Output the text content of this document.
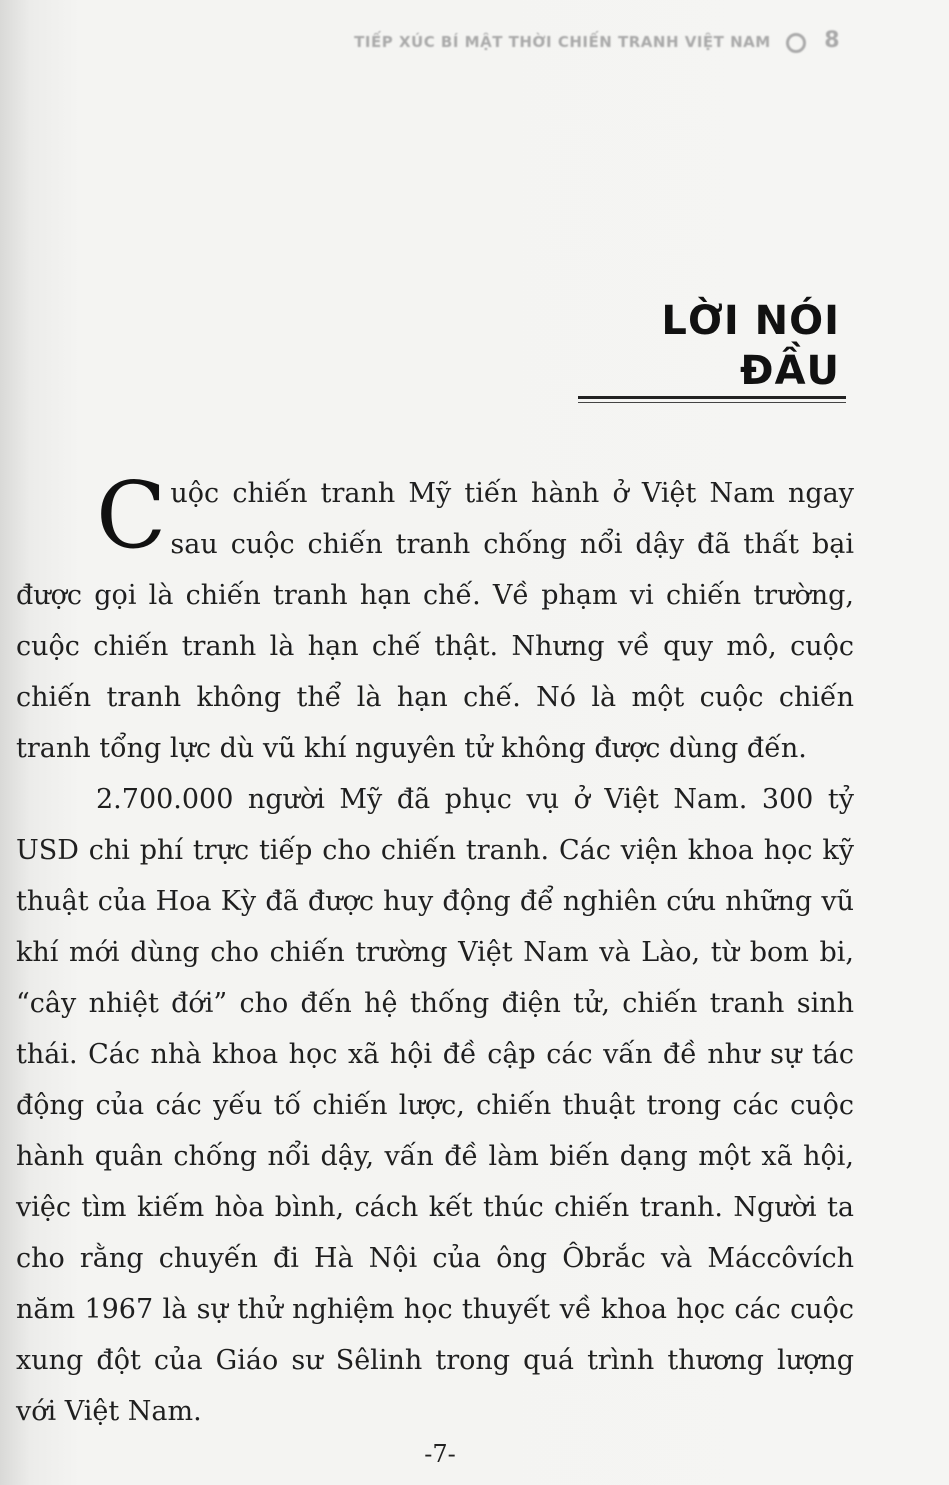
TIẾP XÚC BÍ MẬT THỜI CHIẾN TRANH VIỆT NAM 8
LỜI NÓI ĐẦU

Cuộc chiến tranh Mỹ tiến hành ở Việt Nam ngay sau cuộc chiến tranh chống nổi dậy đã thất bại được gọi là chiến tranh hạn chế. Về phạm vi chiến trường, cuộc chiến tranh là hạn chế thật. Nhưng về quy mô, cuộc chiến tranh không thể là hạn chế. Nó là một cuộc chiến tranh tổng lực dù vũ khí nguyên tử không được dùng đến.

2.700.000 người Mỹ đã phục vụ ở Việt Nam. 300 tỷ USD chi phí trực tiếp cho chiến tranh. Các viện khoa học kỹ thuật của Hoa Kỳ đã được huy động để nghiên cứu những vũ khí mới dùng cho chiến trường Việt Nam và Lào, từ bom bi, “cây nhiệt đới” cho đến hệ thống điện tử, chiến tranh sinh thái. Các nhà khoa học xã hội đề cập các vấn đề như sự tác động của các yếu tố chiến lược, chiến thuật trong các cuộc hành quân chống nổi dậy, vấn đề làm biến dạng một xã hội, việc tìm kiếm hòa bình, cách kết thúc chiến tranh. Người ta cho rằng chuyến đi Hà Nội của ông Ôbrắc và Máccôvích năm 1967 là sự thử nghiệm học thuyết về khoa học các cuộc xung đột của Giáo sư Sêlinh trong quá trình thương lượng với Việt Nam.

-7-
